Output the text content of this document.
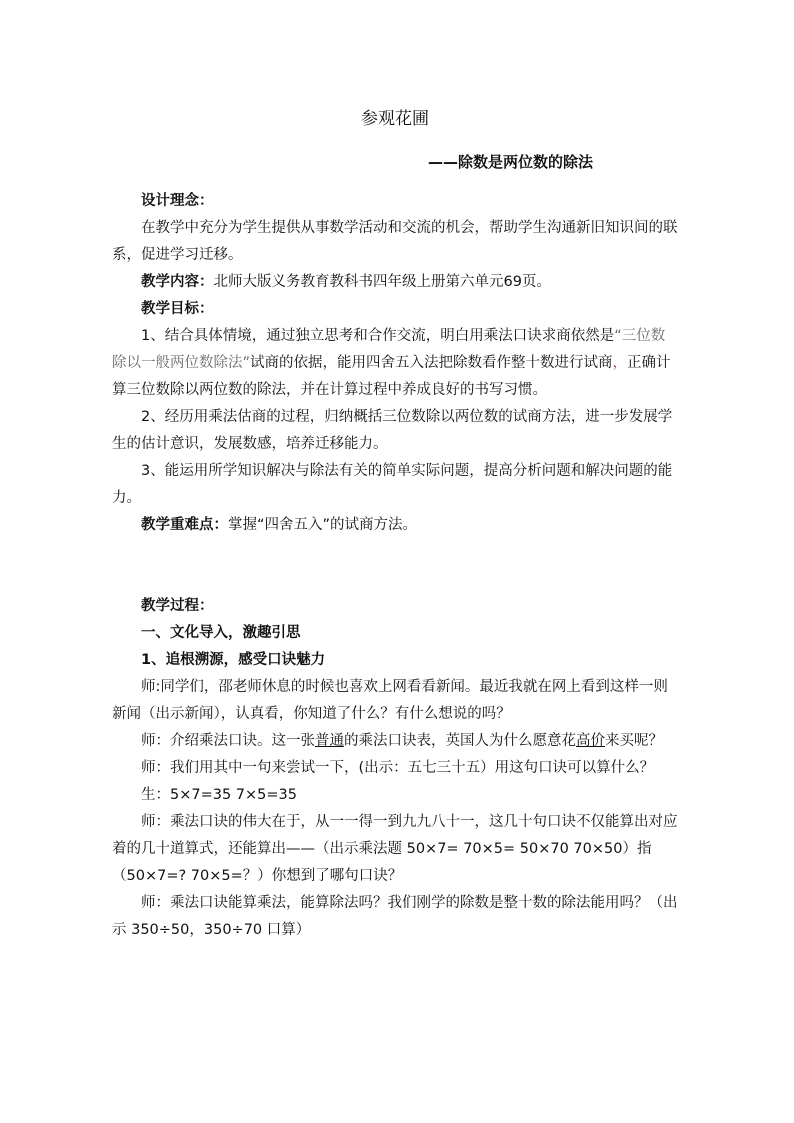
参观花圃
——除数是两位数的除法

设计理念：

在教学中充分为学生提供从事数学活动和交流的机会，帮助学生沟通新旧知识间的联系，促进学习迁移。

教学内容：北师大版义务教育教科书四年级上册第六单元69页。

教学目标：

1、结合具体情境，通过独立思考和合作交流，明白用乘法口诀求商依然是“三位数除以一般两位数除法”试商的依据，能用四舍五入法把除数看作整十数进行试商，正确计算三位数除以两位数的除法，并在计算过程中养成良好的书写习惯。

2、经历用乘法估商的过程，归纳概括三位数除以两位数的试商方法，进一步发展学生的估计意识，发展数感，培养迁移能力。

3、能运用所学知识解决与除法有关的简单实际问题，提高分析问题和解决问题的能力。

教学重难点：掌握“四舍五入”的试商方法。

教学过程：

一、文化导入，激趣引思

1、追根溯源，感受口诀魅力

师:同学们，邵老师休息的时候也喜欢上网看看新闻。最近我就在网上看到这样一则新闻（出示新闻），认真看，你知道了什么？有什么想说的吗？

师：介绍乘法口诀。这一张普通的乘法口诀表，英国人为什么愿意花高价来买呢？

师：我们用其中一句来尝试一下，(出示：五七三十五）用这句口诀可以算什么？

生：5×7=35 7×5=35

师：乘法口诀的伟大在于，从一一得一到九九八十一，这几十句口诀不仅能算出对应着的几十道算式，还能算出——（出示乘法题 50×7= 70×5= 50×70 70×50）指（50×7=? 70×5=？）你想到了哪句口诀？

师：乘法口诀能算乘法，能算除法吗？我们刚学的除数是整十数的除法能用吗？（出示 350÷50，350÷70 口算）
